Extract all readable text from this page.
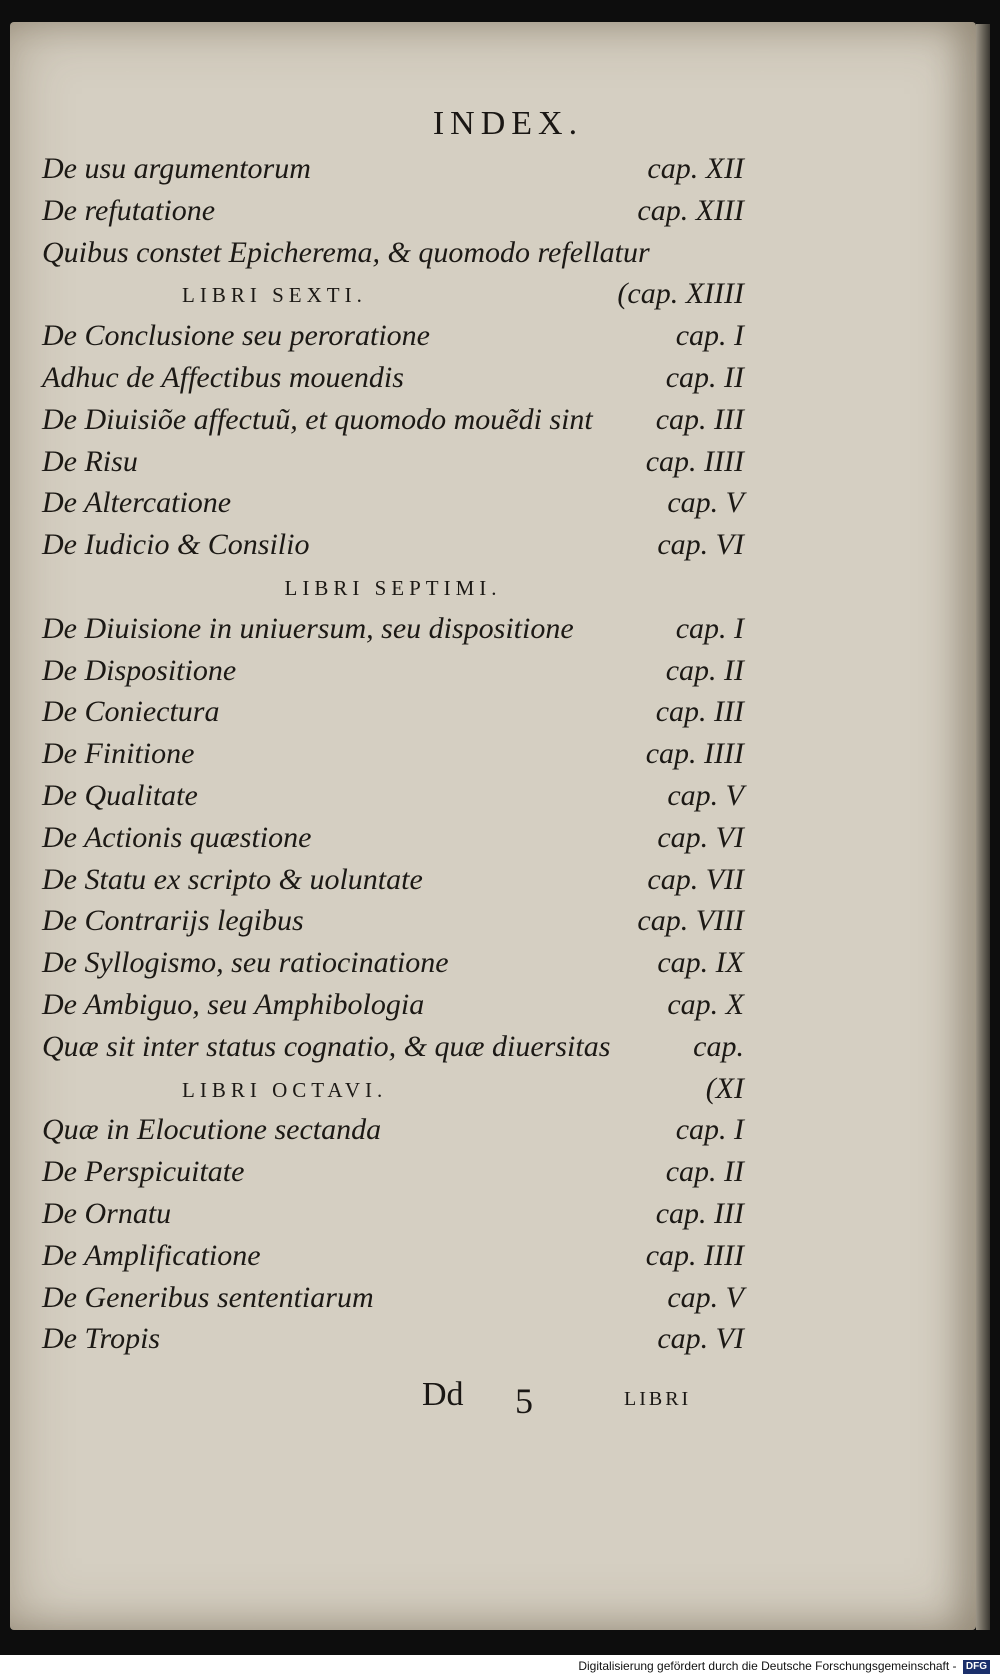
INDEX.
De usu argumentorum	cap. XII
De refutatione	cap. XIII
Quibus constet Epicherema, & quomodo refellatur
LIBRI SEXTI.	(cap. XIIII
De Conclusione seu peroratione	cap. I
Adhuc de Affectibus mouendis	cap. II
De Diuisiõe affectuũ, et quomodo mouẽdi sint cap. III
De Risu	cap. IIII
De Altercatione	cap. V
De Iudicio & Consilio	cap. VI
LIBRI SEPTIMI.
De Diuisione in uniuersum, seu dispositione	cap. I
De Dispositione	cap. II
De Coniectura	cap. III
De Finitione	cap. IIII
De Qualitate	cap. V
De Actionis quæstione	cap. VI
De Statu ex scripto & uoluntate	cap. VII
De Contrarijs legibus	cap. VIII
De Syllogismo, seu ratiocinatione	cap. IX
De Ambiguo, seu Amphibologia	cap. X
Quæ sit inter status cognatio, & quæ diuersitas	cap.
LIBRI OCTAVI.	(XI
Quæ in Elocutione sectanda	cap. I
De Perspicuitate	cap. II
De Ornatu	cap. III
De Amplificatione	cap. IIII
De Generibus sententiarum	cap. V
De Tropis	cap. VI
Dd 5	LIBRI
Digitalisierung gefördert durch die Deutsche Forschungsgemeinschaft - DFG
